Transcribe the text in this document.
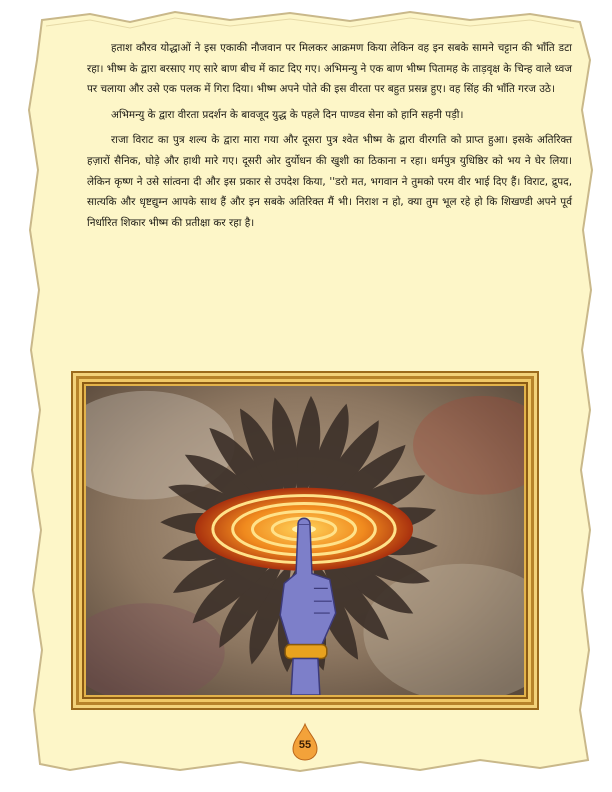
हताश कौरव योद्धाओं ने इस एकाकी नौजवान पर मिलकर आक्रमण किया लेकिन वह इन सबके सामने चट्टान की भाँति डटा रहा। भीष्म के द्वारा बरसाए गए सारे बाण बीच में काट दिए गए। अभिमन्यु ने एक बाण भीष्म पितामह के ताड़वृक्ष के चिन्ह वाले ध्वज पर चलाया और उसे एक पलक में गिरा दिया। भीष्म अपने पोते की इस वीरता पर बहुत प्रसन्न हुए। वह सिंह की भाँति गरज उठे।

अभिमन्यु के द्वारा वीरता प्रदर्शन के बावजूद युद्ध के पहले दिन पाण्डव सेना को हानि सहनी पड़ी।

राजा विराट का पुत्र शल्य के द्वारा मारा गया और दूसरा पुत्र श्वेत भीष्म के द्वारा वीरगति को प्राप्त हुआ। इसके अतिरिक्त हज़ारों सैनिक, घोड़े और हाथी मारे गए। दूसरी ओर दुर्योधन की खुशी का ठिकाना न रहा। धर्मपुत्र युधिष्ठिर को भय ने घेर लिया। लेकिन कृष्ण ने उसे सांत्वना दी और इस प्रकार से उपदेश किया, ''डरो मत, भगवान ने तुमको परम वीर भाई दिए हैं। विराट, द्रुपद, सात्यकि और धृष्टद्युम्न आपके साथ हैं और इन सबके अतिरिक्त मैं भी। निराश न हो, क्या तुम भूल रहे हो कि शिखण्डी अपने पूर्व निर्धारित शिकार भीष्म की प्रतीक्षा कर रहा है।

55
